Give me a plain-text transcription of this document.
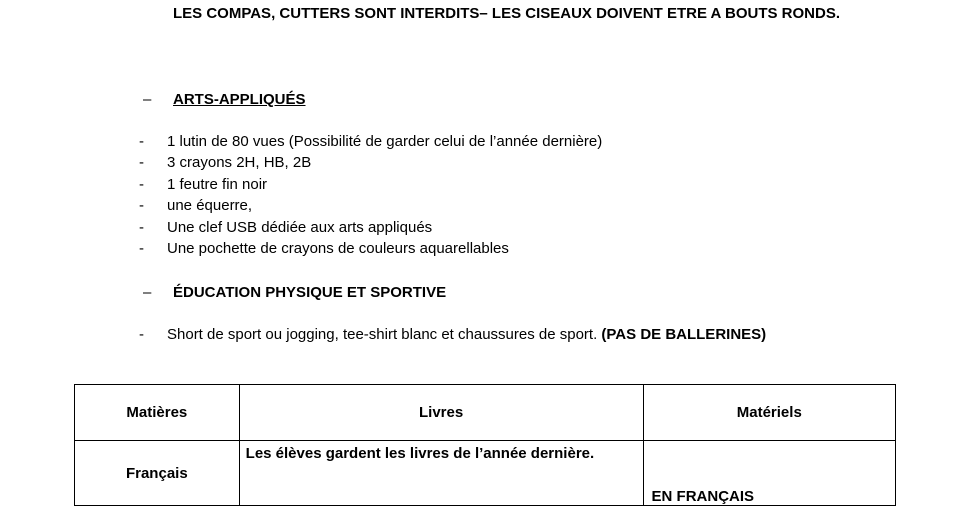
LES COMPAS, CUTTERS SONT INTERDITS– LES CISEAUX DOIVENT ETRE A BOUTS RONDS.
– ARTS-APPLIQUÉS
- 1 lutin de 80 vues (Possibilité de garder celui de l’année dernière)
- 3 crayons 2H, HB, 2B
- 1 feutre fin noir
- une équerre,
- Une clef USB dédiée aux arts appliqués
- Une pochette de crayons de couleurs aquarellables
– ÉDUCATION PHYSIQUE ET SPORTIVE
- Short de sport ou jogging, tee-shirt blanc et chaussures de sport. (PAS DE BALLERINES)
Matières	Livres	Matériels
Français	Les élèves gardent les livres de l’année dernière.	EN FRANÇAIS
